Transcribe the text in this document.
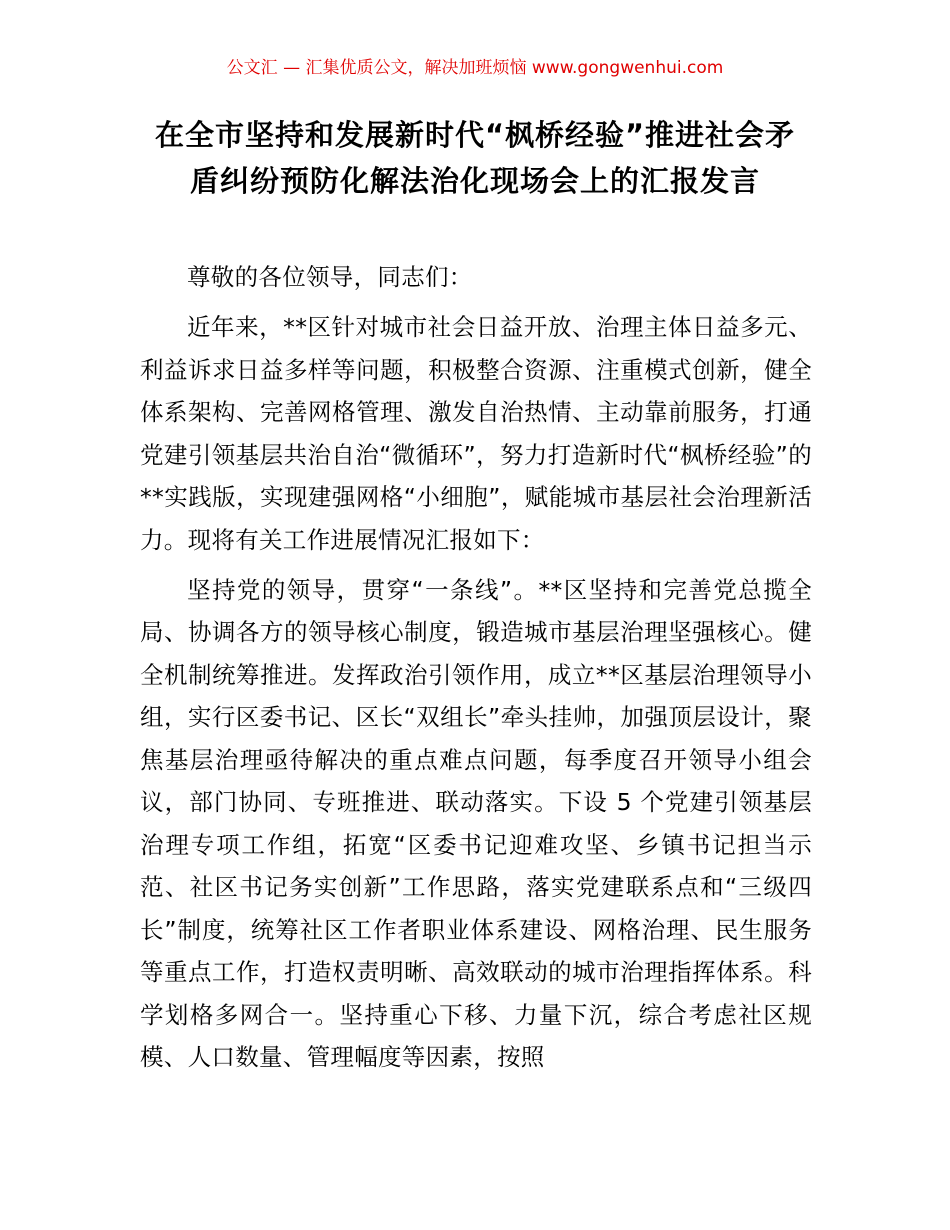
公文汇 — 汇集优质公文，解决加班烦恼 www.gongwenhui.com
在全市坚持和发展新时代“枫桥经验”推进社会矛盾纠纷预防化解法治化现场会上的汇报发言

尊敬的各位领导，同志们：

近年来，**区针对城市社会日益开放、治理主体日益多元、利益诉求日益多样等问题，积极整合资源、注重模式创新，健全体系架构、完善网格管理、激发自治热情、主动靠前服务，打通党建引领基层共治自治“微循环”，努力打造新时代“枫桥经验”的**实践版，实现建强网格“小细胞”，赋能城市基层社会治理新活力。现将有关工作进展情况汇报如下：

坚持党的领导，贯穿“一条线”。**区坚持和完善党总揽全局、协调各方的领导核心制度，锻造城市基层治理坚强核心。健全机制统筹推进。发挥政治引领作用，成立**区基层治理领导小组，实行区委书记、区长“双组长”牵头挂帅，加强顶层设计，聚焦基层治理亟待解决的重点难点问题，每季度召开领导小组会议，部门协同、专班推进、联动落实。下设 5 个党建引领基层治理专项工作组，拓宽“区委书记迎难攻坚、乡镇书记担当示范、社区书记务实创新”工作思路，落实党建联系点和“三级四长”制度，统筹社区工作者职业体系建设、网格治理、民生服务等重点工作，打造权责明晰、高效联动的城市治理指挥体系。科学划格多网合一。坚持重心下移、力量下沉，综合考虑社区规模、人口数量、管理幅度等因素，按照
